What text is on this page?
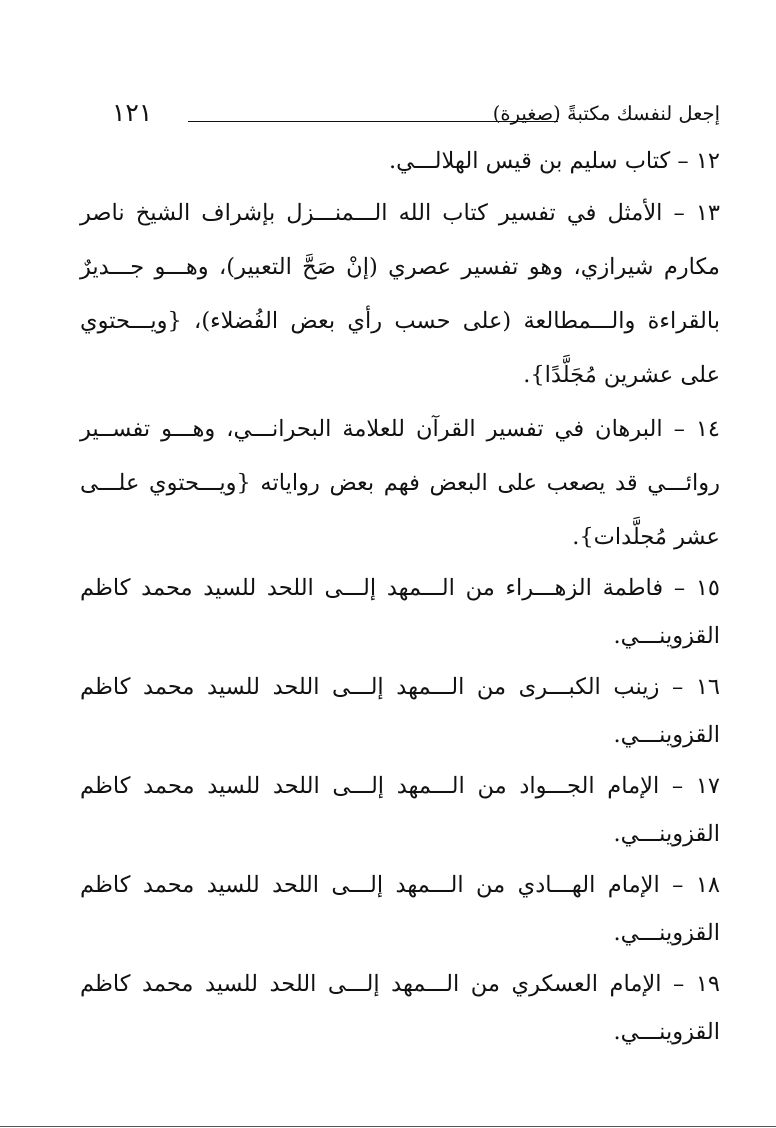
١٢١	إجعل لنفسك مكتبةً (صغيرة)

١٢ – كتاب سليم بن قيس الهلالـــي.

١٣ – الأمثل في تفسير كتاب الله الـــمنـــزل بإشراف الشيخ ناصر مكارم شيرازي، وهو تفسير عصري (إنْ صَحَّ التعبير)، وهـــو جـــديرٌ بالقراءة والـــمطالعة (على حسب رأي بعض الفُضلاء)، {ويـــحتوي على عشرين مُجَلَّدًا}.

١٤ – البرهان في تفسير القرآن للعلامة البحرانـــي، وهـــو تفســير روائـــي قد يصعب على البعض فهم بعض رواياته {ويـــحتوي علـــى عشر مُجلَّدات}.

١٥ – فاطمة الزهـــراء من الـــمهد إلـــى اللحد للسيد محمد كاظم القزوينـــي.

١٦ – زينب الكبـــرى من الـــمهد إلـــى اللحد للسيد محمد كاظم القزوينـــي.

١٧ – الإمام الجـــواد من الـــمهد إلـــى اللحد للسيد محمد كاظم القزوينـــي.

١٨ – الإمام الهـــادي من الـــمهد إلـــى اللحد للسيد محمد كاظم القزوينـــي.

١٩ – الإمام العسكري من الـــمهد إلـــى اللحد للسيد محمد كاظم القزوينـــي.
